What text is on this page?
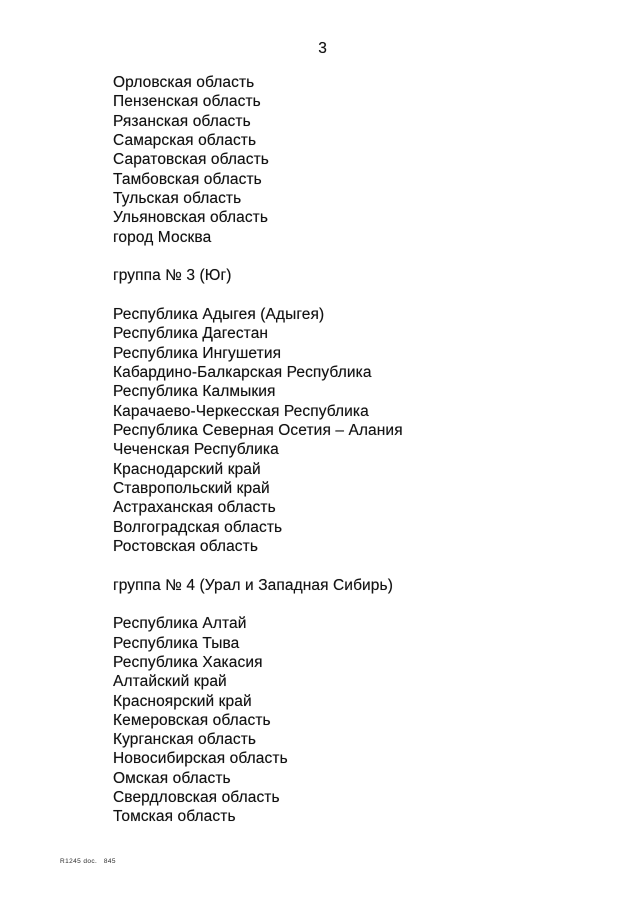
3
Орловская область
Пензенская область
Рязанская область
Самарская область
Саратовская область
Тамбовская область
Тульская область
Ульяновская область
город Москва
группа № 3 (Юг)
Республика Адыгея (Адыгея)
Республика Дагестан
Республика Ингушетия
Кабардино-Балкарская Республика
Республика Калмыкия
Карачаево-Черкесская Республика
Республика Северная Осетия – Алания
Чеченская Республика
Краснодарский край
Ставропольский край
Астраханская область
Волгоградская область
Ростовская область
группа № 4 (Урал и Западная Сибирь)
Республика Алтай
Республика Тыва
Республика Хакасия
Алтайский край
Красноярский край
Кемеровская область
Курганская область
Новосибирская область
Омская область
Свердловская область
Томская область
R1245 doc.   845
